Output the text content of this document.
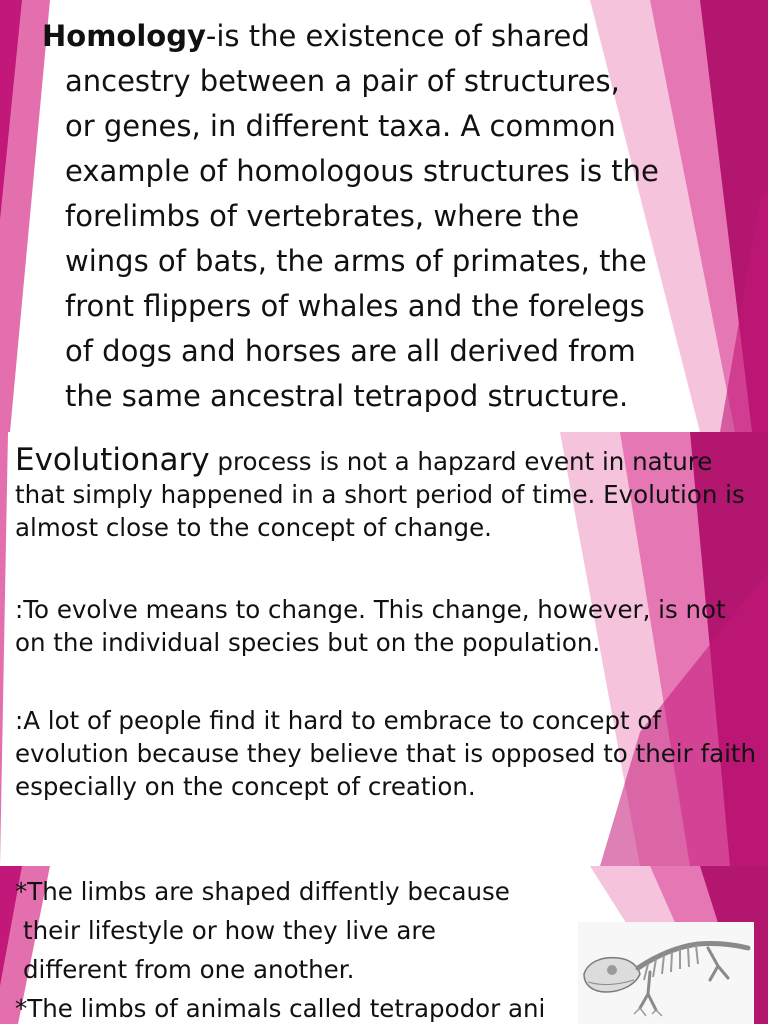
Homology-is the existence of shared
ancestry between a pair of structures,
or genes, in different taxa. A common
example of homologous structures is the
forelimbs of vertebrates, where the
wings of bats, the arms of primates, the
front flippers of whales and the forelegs
of dogs and horses are all derived from
the same ancestral tetrapod structure.

Evolutionary process is not a hapzard event in nature that simply happened in a short period of time. Evolution is almost close to the concept of change.

:To evolve means to change. This change, however, is not on the individual species but on the population.

:A lot of people find it hard to embrace to concept of evolution because they believe that is opposed to their faith especially on the concept of creation.

*The limbs are shaped diffently because
their lifestyle or how they live are
different from one another.
*The limbs of animals called tetrapodor ani
